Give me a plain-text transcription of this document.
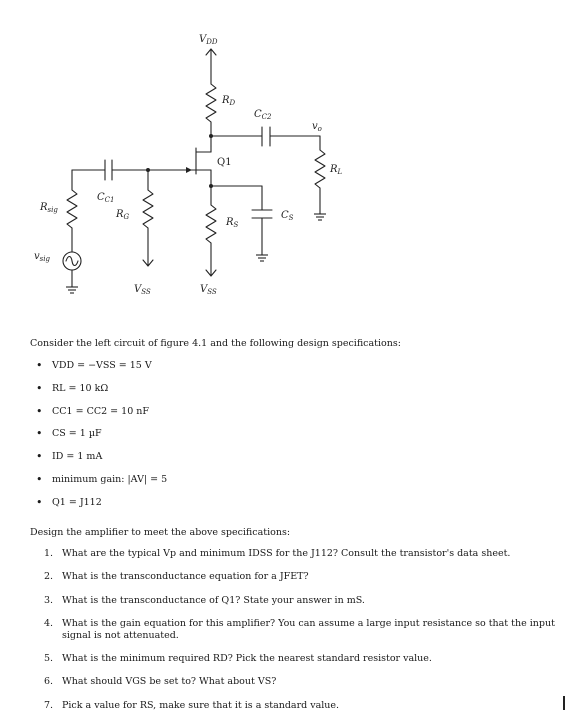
$V_{DD}$
$R_D$
$C_{C2}$
$v_o$
Q1
$R_L$
$C_{C1}$
$R_{sig}$	$R_G$	$R_S$
$C_S$
$v_{sig}$
$V_{SS}$	$V_{SS}$
Consider the left circuit of figure 4.1 and the following design specifications:
• VDD = −VSS = 15 V
• RL = 10 kΩ
• CC1 = CC2 = 10 nF
• CS = 1 µF
• ID = 1 mA
• minimum gain: |AV| = 5
• Q1 = J112
Design the amplifier to meet the above specifications:
1. What are the typical Vp and minimum IDSS for the J112? Consult the transistor's data sheet.
2. What is the transconductance equation for a JFET?
3. What is the transconductance of Q1? State your answer in mS.
4. What is the gain equation for this amplifier? You can assume a large input resistance so that the input signal is not attenuated.
5. What is the minimum required RD? Pick the nearest standard resistor value.
6. What should VGS be set to? What about VS?
7. Pick a value for RS, make sure that it is a standard value.
